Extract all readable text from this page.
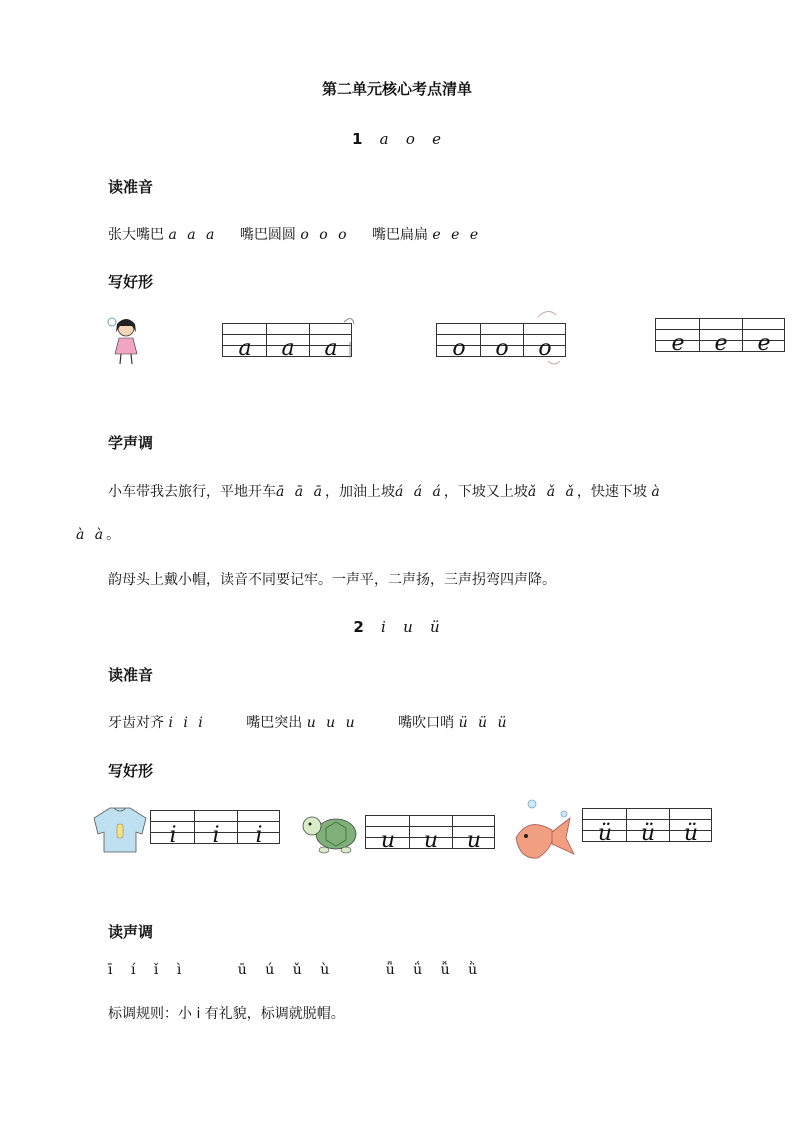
第二单元核心考点清单
1 a o e
读准音
张大嘴巴 a a a 嘴巴圆圆 o o o 嘴巴扁扁 e e e
写好形
a	a	a	o	o	o	e	e	e
学声调
小车带我去旅行，平地开车ā ā ā，加油上坡á á á，下坡又上坡ǎ ǎ ǎ，快速下坡 à
à à。
韵母头上戴小帽，读音不同要记牢。一声平，二声扬，三声拐弯四声降。
2 i u ü
读准音
牙齿对齐 i i i	嘴巴突出 u u u	嘴吹口哨 ü ü ü
写好形
i	i	i	u	u	u	ü	ü	ü
读声调
ī í ǐ ì	ū ú ǔ ù	ǖ ǘ ǚ ǜ
标调规则：小 i 有礼貌，标调就脱帽。
